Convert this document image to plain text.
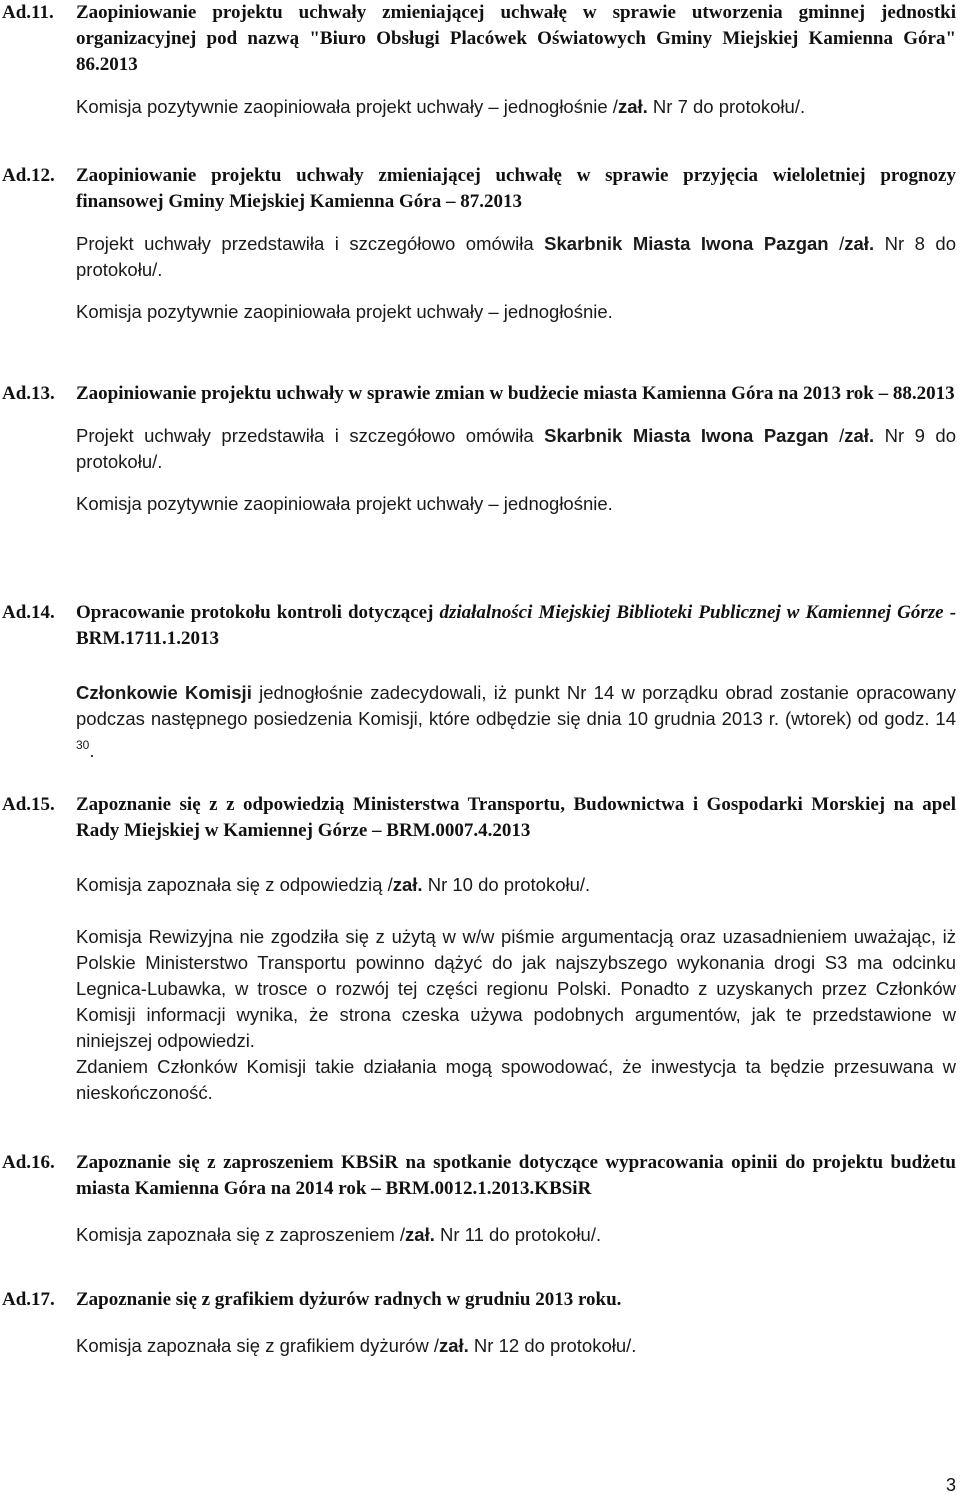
Ad.11.	Zaopiniowanie projektu uchwały zmieniającej uchwałę w sprawie utworzenia gminnej jednostki organizacyjnej pod nazwą "Biuro Obsługi Placówek Oświatowych Gminy Miejskiej Kamienna Góra" 86.2013
Komisja pozytywnie zaopiniowała projekt uchwały – jednogłośnie /zał. Nr 7 do protokołu/.
Ad.12.	Zaopiniowanie projektu uchwały zmieniającej uchwałę w sprawie przyjęcia wieloletniej prognozy finansowej Gminy Miejskiej Kamienna Góra – 87.2013
Projekt uchwały przedstawiła i szczegółowo omówiła Skarbnik Miasta Iwona Pazgan /zał. Nr 8 do protokołu/.
Komisja pozytywnie zaopiniowała projekt uchwały – jednogłośnie.
Ad.13.	Zaopiniowanie projektu uchwały w sprawie zmian w budżecie miasta Kamienna Góra na 2013 rok – 88.2013
Projekt uchwały przedstawiła i szczegółowo omówiła Skarbnik Miasta Iwona Pazgan /zał. Nr 9 do protokołu/.
Komisja pozytywnie zaopiniowała projekt uchwały – jednogłośnie.
Ad.14.	Opracowanie protokołu kontroli dotyczącej działalności Miejskiej Biblioteki Publicznej w Kamiennej Górze - BRM.1711.1.2013
Członkowie Komisji jednogłośnie zadecydowali, iż punkt Nr 14 w porządku obrad zostanie opracowany podczas następnego posiedzenia Komisji, które odbędzie się dnia 10 grudnia 2013 r. (wtorek) od godz. 14 $^{30}$.
Ad.15.	Zapoznanie się z z odpowiedzią Ministerstwa Transportu, Budownictwa i Gospodarki Morskiej na apel Rady Miejskiej w Kamiennej Górze – BRM.0007.4.2013
Komisja zapoznała się z odpowiedzią /zał. Nr 10 do protokołu/.
Komisja Rewizyjna nie zgodziła się z użytą w w/w piśmie argumentacją oraz uzasadnieniem uważając, iż Polskie Ministerstwo Transportu powinno dążyć do jak najszybszego wykonania drogi S3 ma odcinku Legnica-Lubawka, w trosce o rozwój tej części regionu Polski. Ponadto z uzyskanych przez Członków Komisji informacji wynika, że strona czeska używa podobnych argumentów, jak te przedstawione w niniejszej odpowiedzi.
Zdaniem Członków Komisji takie działania mogą spowodować, że inwestycja ta będzie przesuwana w nieskończoność.
Ad.16.	Zapoznanie się z zaproszeniem KBSiR na spotkanie dotyczące wypracowania opinii do projektu budżetu miasta Kamienna Góra na 2014 rok – BRM.0012.1.2013.KBSiR
Komisja zapoznała się z zaproszeniem /zał. Nr 11 do protokołu/.
Ad.17.	Zapoznanie się z grafikiem dyżurów radnych w grudniu 2013 roku.
Komisja zapoznała się z grafikiem dyżurów /zał. Nr 12 do protokołu/.
3
